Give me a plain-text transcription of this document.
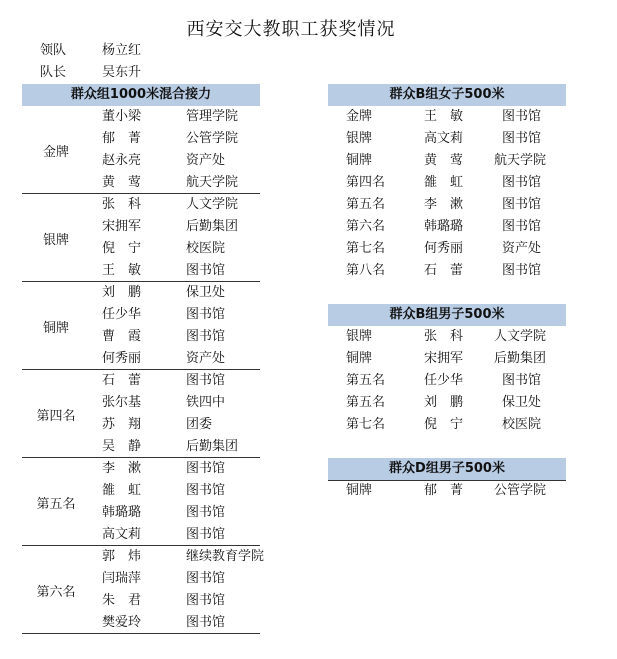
西安交大教职工获奖情况
领队	杨立红
队长	吴东升
群众组1000米混合接力
董小梁	管理学院
郁　菁	公管学院
赵永亮	资产处
黄　莺	航天学院
金牌
张　科	人文学院
宋拥军	后勤集团
倪　宁	校医院
王　敏	图书馆
银牌
刘　鹏	保卫处
任少华	图书馆
曹　霞	图书馆
何秀丽	资产处
铜牌
石　蕾	图书馆
张尔基	铁四中
苏　翔	团委
吴　静	后勤集团
第四名
李　漱	图书馆
雒　虹	图书馆
韩璐璐	图书馆
高文莉	图书馆
第五名
郭　炜	继续教育学院
闫瑞萍	图书馆
朱　君	图书馆
樊爱玲	图书馆
第六名
群众B组女子500米
金牌	王　敏	图书馆
银牌	高文莉	图书馆
铜牌	黄　莺 航天学院
第四名	雒　虹	图书馆
第五名	李　漱	图书馆
第六名	韩璐璐	图书馆
第七名	何秀丽	资产处
第八名	石　蕾	图书馆
群众B组男子500米
银牌	张　科 人文学院
铜牌	宋拥军 后勤集团
第五名	任少华	图书馆
第五名	刘　鹏	保卫处
第七名	倪　宁	校医院
群众D组男子500米
铜牌	郁　菁 公管学院
